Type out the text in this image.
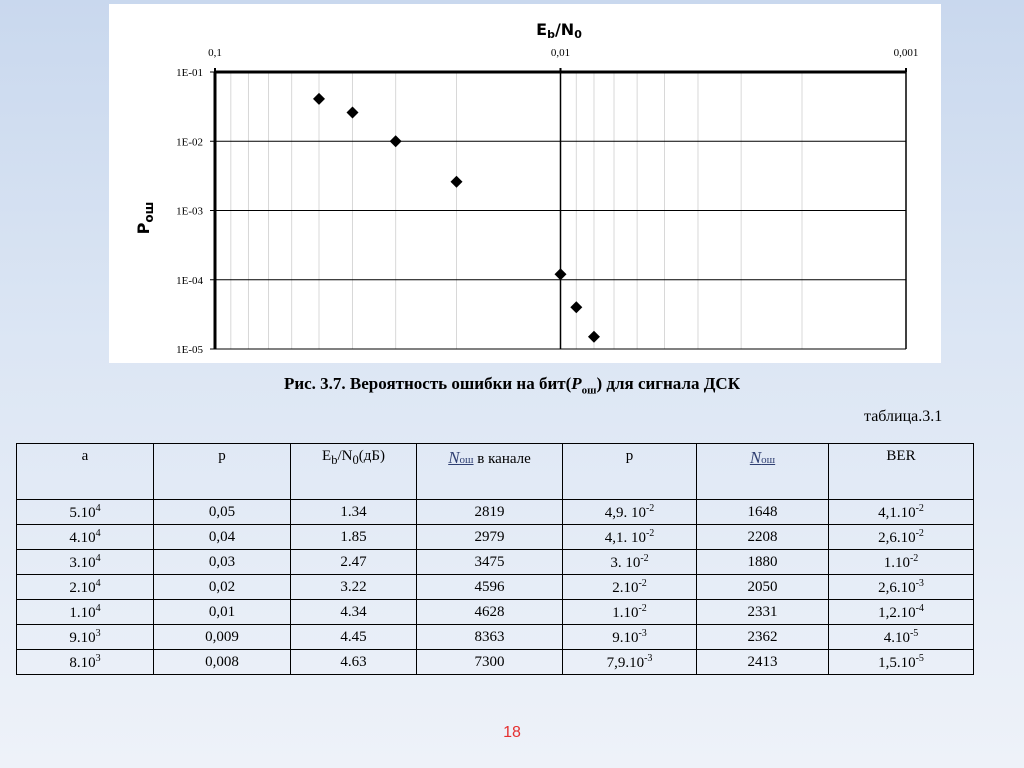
0,1	0,01	0,001
1E-01
1E-02
1E-03
1E-04
1E-05
Eb/N0
$P_{ош}$
Рис. 3.7. Вероятность ошибки на $бит(P_{ош})$ для сигнала ДСК
таблица.3.1
a	p	$E_b/N_0(дБ)$	Nош в канале	p	Nош	BER
5.10$^4$	0,05	1.34	2819	4,9. $10^{-2}$	1648	$4,1.10^{-2}$
4.10$^4$	0,04	1.85	2979	4,1. $10^{-2}$	2208	$2,6.10^{-2}$
3.10$^4$	0,03	2.47	3475	3. $10^{-2}$	1880	$1.10^{-2}$
2.10$^4$	0,02	3.22	4596	$2.10^{-2}$	2050	$2,6.10^{-3}$
1.10$^4$	0,01	4.34	4628	$1.10^{-2}$	2331	$1,2.10^{-4}$
9.10$^3$	0,009	4.45	8363	$9.10^{-3}$	2362	$4.10^{-5}$
8.10$^3$	0,008	4.63	7300	$7,9.10^{-3}$	2413	$1,5.10^{-5}$
18
